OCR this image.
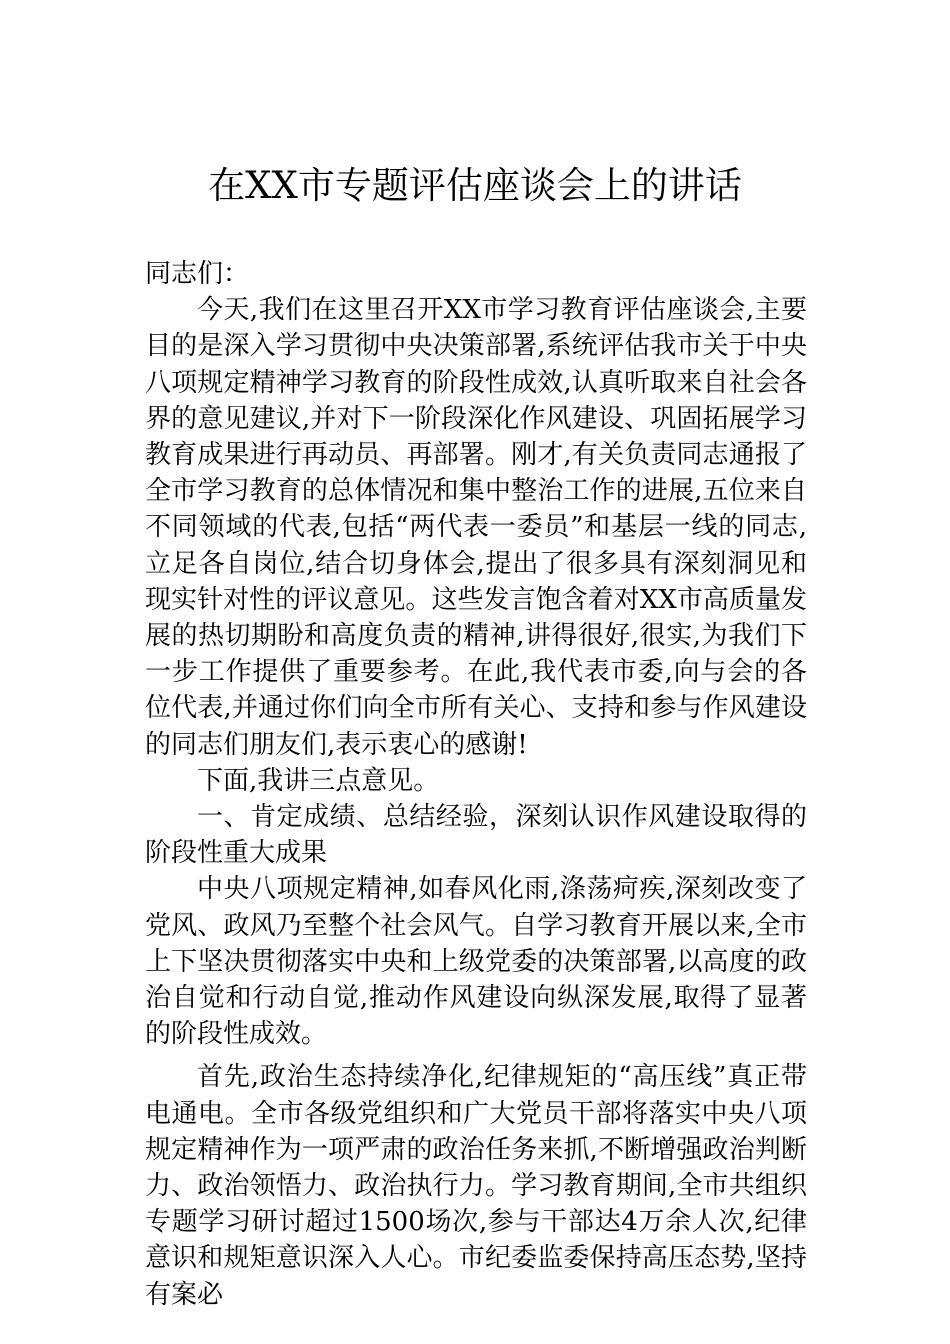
在XX市专题评估座谈会上的讲话

同志们：

今天,我们在这里召开XX市学习教育评估座谈会,主要目的是深入学习贯彻中央决策部署,系统评估我市关于中央八项规定精神学习教育的阶段性成效,认真听取来自社会各界的意见建议,并对下一阶段深化作风建设、巩固拓展学习教育成果进行再动员、再部署。刚才,有关负责同志通报了全市学习教育的总体情况和集中整治工作的进展,五位来自不同领域的代表,包括“两代表一委员”和基层一线的同志,立足各自岗位,结合切身体会,提出了很多具有深刻洞见和现实针对性的评议意见。这些发言饱含着对XX市高质量发展的热切期盼和高度负责的精神,讲得很好,很实,为我们下一步工作提供了重要参考。在此,我代表市委,向与会的各位代表,并通过你们向全市所有关心、支持和参与作风建设的同志们朋友们,表示衷心的感谢!

下面,我讲三点意见。

一、肯定成绩、总结经验，深刻认识作风建设取得的阶段性重大成果

中央八项规定精神,如春风化雨,涤荡疴疾,深刻改变了党风、政风乃至整个社会风气。自学习教育开展以来,全市上下坚决贯彻落实中央和上级党委的决策部署,以高度的政治自觉和行动自觉,推动作风建设向纵深发展,取得了显著的阶段性成效。

首先,政治生态持续净化,纪律规矩的“高压线”真正带电通电。全市各级党组织和广大党员干部将落实中央八项规定精神作为一项严肃的政治任务来抓,不断增强政治判断力、政治领悟力、政治执行力。学习教育期间,全市共组织专题学习研讨超过1500场次,参与干部达4万余人次,纪律意识和规矩意识深入人心。市纪委监委保持高压态势,坚持有案必
